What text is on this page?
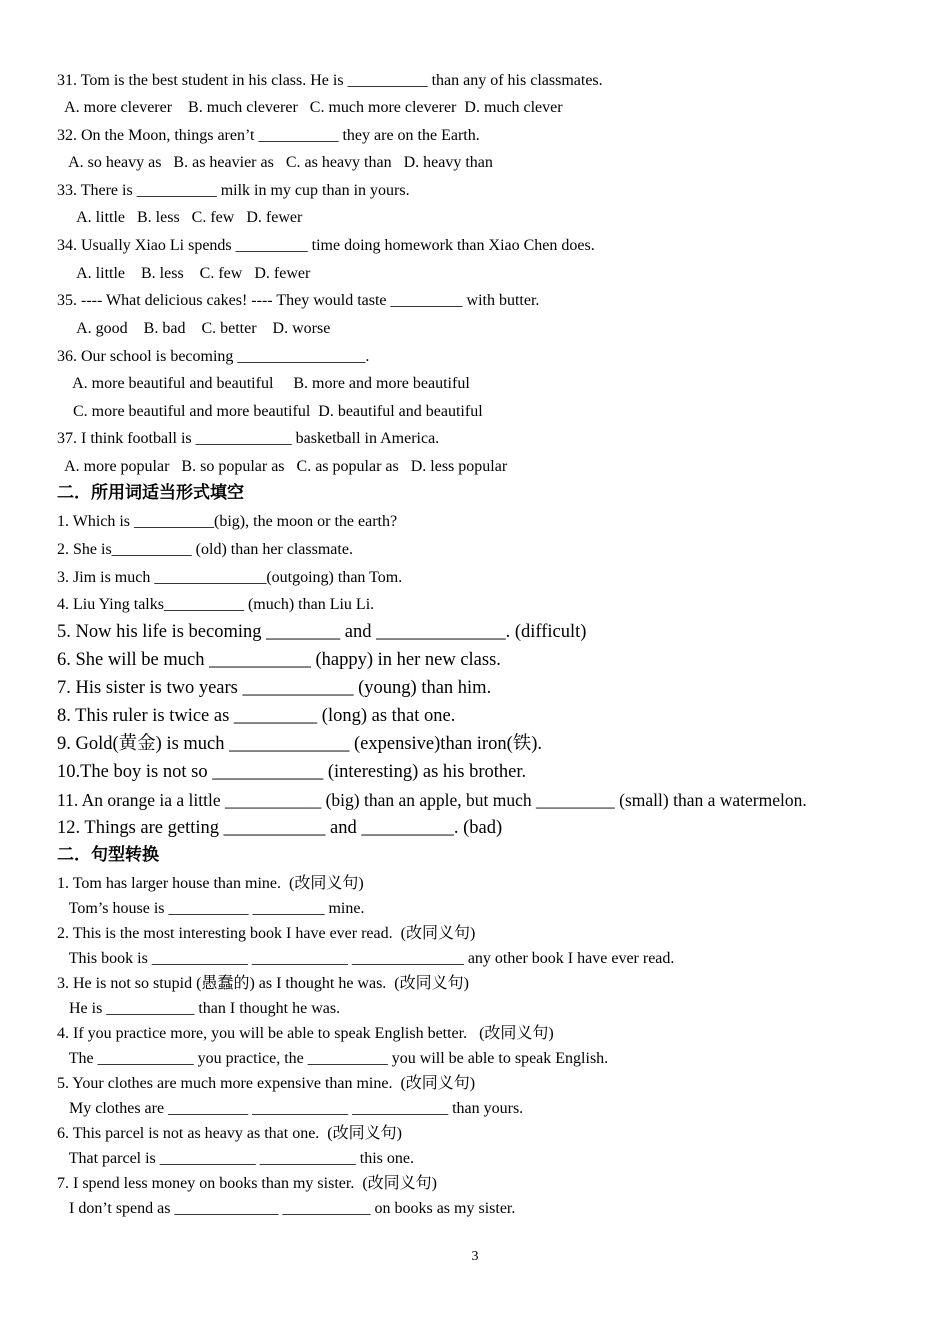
31. Tom is the best student in his class. He is __________ than any of his classmates.
A. more cleverer    B. much cleverer   C. much more cleverer  D. much clever
32. On the Moon, things aren’t __________ they are on the Earth.
A. so heavy as   B. as heavier as   C. as heavy than   D. heavy than
33. There is __________ milk in my cup than in yours.
A. little   B. less   C. few   D. fewer
34. Usually Xiao Li spends _________ time doing homework than Xiao Chen does.
A. little    B. less    C. few   D. fewer
35. ---- What delicious cakes! ---- They would taste _________ with butter.
A. good    B. bad    C. better    D. worse
36. Our school is becoming ________________.
A. more beautiful and beautiful     B. more and more beautiful
C. more beautiful and more beautiful  D. beautiful and beautiful
37. I think football is ____________ basketball in America.
A. more popular   B. so popular as   C. as popular as   D. less popular
二．所用词适当形式填空
1. Which is __________(big), the moon or the earth?
2. She is__________ (old) than her classmate.
3. Jim is much ______________(outgoing) than Tom.
4. Liu Ying talks__________ (much) than Liu Li.
5. Now his life is becoming ________ and ______________. (difficult)
6. She will be much ___________ (happy) in her new class.
7. His sister is two years ____________ (young) than him.
8. This ruler is twice as _________ (long) as that one.
9. Gold(黄金) is much _____________ (expensive)than iron(铁).
10.The boy is not so ____________ (interesting) as his brother.
11. An orange ia a little ___________ (big) than an apple, but much _________ (small) than a watermelon.
12. Things are getting ___________ and __________. (bad)
二．句型转换
1. Tom has larger house than mine.  (改同义句)
Tom’s house is __________ _________ mine.
2. This is the most interesting book I have ever read.  (改同义句)
This book is ____________ ____________ ______________ any other book I have ever read.
3. He is not so stupid (愚蠢的) as I thought he was.  (改同义句)
He is ___________ than I thought he was.
4. If you practice more, you will be able to speak English better.   (改同义句)
The ____________ you practice, the __________ you will be able to speak English.
5. Your clothes are much more expensive than mine.  (改同义句)
My clothes are __________ ____________ ____________ than yours.
6. This parcel is not as heavy as that one.  (改同义句)
That parcel is ____________ ____________ this one.
7. I spend less money on books than my sister.  (改同义句)
I don’t spend as _____________ ___________ on books as my sister.
3
